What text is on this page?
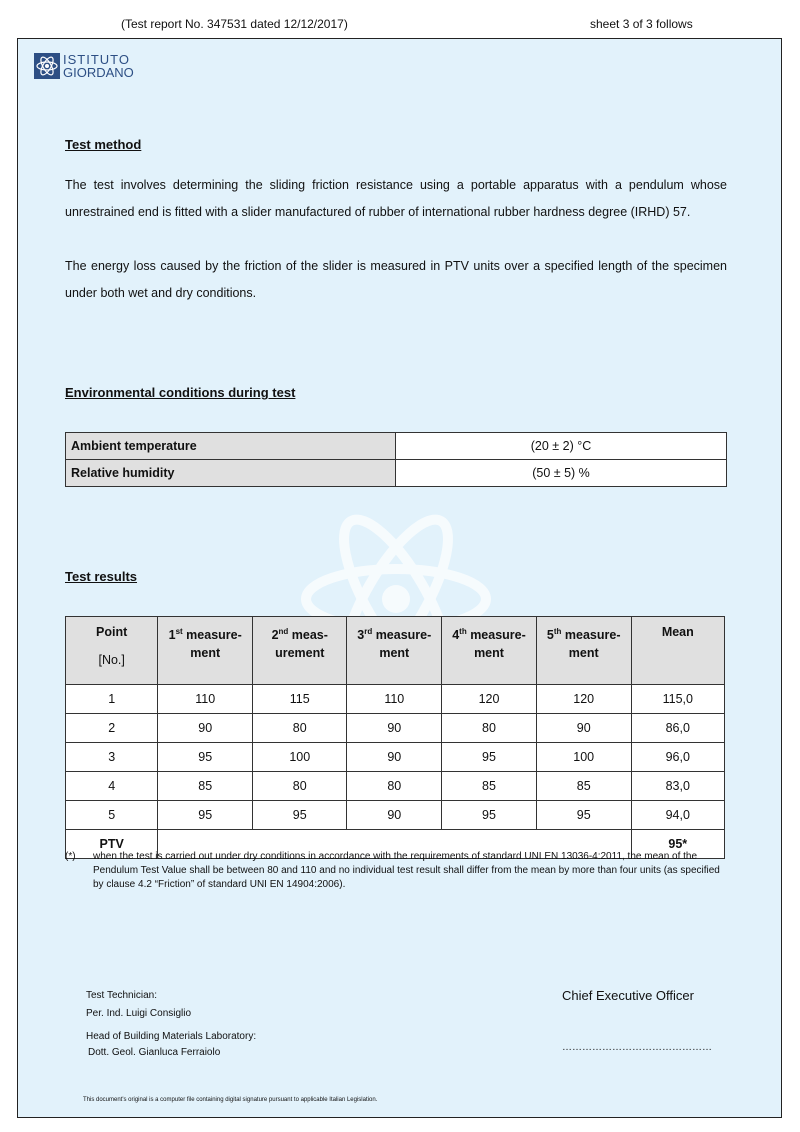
(Test report No. 347531 dated 12/12/2017)	sheet 3 of 3 follows
ISTITUTO
GIORDANO
Test method
The test involves determining the sliding friction resistance using a portable apparatus with a pendulum whose unrestrained end is fitted with a slider manufactured of rubber of international rubber hardness degree (IRHD) 57.
The energy loss caused by the friction of the slider is measured in PTV units over a specified length of the specimen under both wet and dry conditions.
Environmental conditions during test
Ambient temperature	(20 ± 2) °C
Relative humidity	(50 ± 5) %
Test results
Point
[No.]	1st measure-ment	2nd meas-urement	3rd measure-ment	4th measure-ment	5th measure-ment	Mean
1	110	115	110	120	120	115,0
2	90	80	90	80	90	86,0
3	95	100	90	95	100	96,0
4	85	80	80	85	85	83,0
5	95	95	90	95	95	94,0
PTV						95*
(*) when the test is carried out under dry conditions in accordance with the requirements of standard UNI EN 13036-4:2011, the mean of the Pendulum Test Value shall be between 80 and 110 and no individual test result shall differ from the mean by more than four units (as specified by clause 4.2 “Friction” of standard UNI EN 14904:2006).
Test Technician:
Per. Ind. Luigi Consiglio
Head of Building Materials Laboratory:
Dott. Geol. Gianluca Ferraiolo
Chief Executive Officer
………………………………………
This document's original is a computer file containing digital signature pursuant to applicable Italian Legislation.
